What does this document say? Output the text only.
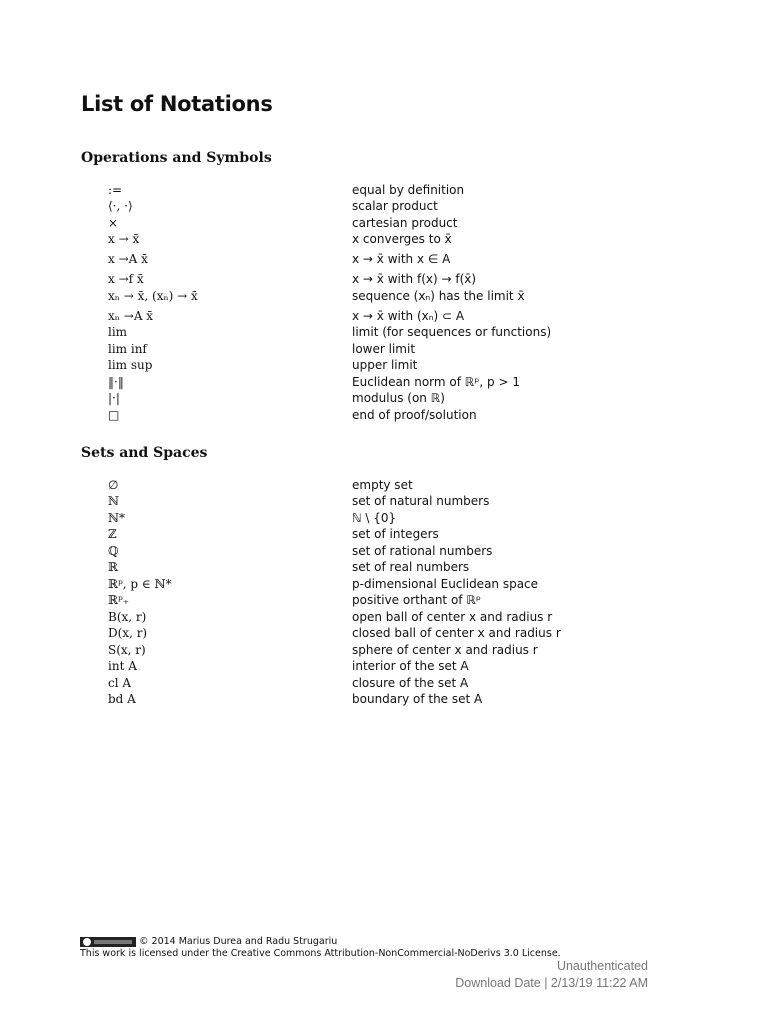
List of Notations
Operations and Symbols
:=	equal by definition
⟨·, ·⟩	scalar product
×	cartesian product
x → x̄	x converges to x̄
x →A x̄	x → x̄ with x ∈ A
x →f x̄	x → x̄ with f(x) → f(x̄)
xₙ → x̄, (xₙ) → x̄	sequence (xₙ) has the limit x̄
xₙ →A x̄	x → x̄ with (xₙ) ⊂ A
lim	limit (for sequences or functions)
lim inf	lower limit
lim sup	upper limit
‖·‖	Euclidean norm of ℝᵖ, p > 1
|·|	modulus (on ℝ)
□	end of proof/solution
Sets and Spaces
∅	empty set
ℕ	set of natural numbers
ℕ*	ℕ \ {0}
ℤ	set of integers
ℚ	set of rational numbers
ℝ	set of real numbers
ℝᵖ, p ∈ ℕ*	p-dimensional Euclidean space
ℝᵖ₊	positive orthant of ℝᵖ
B(x, r)	open ball of center x and radius r
D(x, r)	closed ball of center x and radius r
S(x, r)	sphere of center x and radius r
int A	interior of the set A
cl A	closure of the set A
bd A	boundary of the set A
© 2014 Marius Durea and Radu Strugariu
This work is licensed under the Creative Commons Attribution-NonCommercial-NoDerivs 3.0 License.
Unauthenticated
Download Date | 2/13/19 11:22 AM
